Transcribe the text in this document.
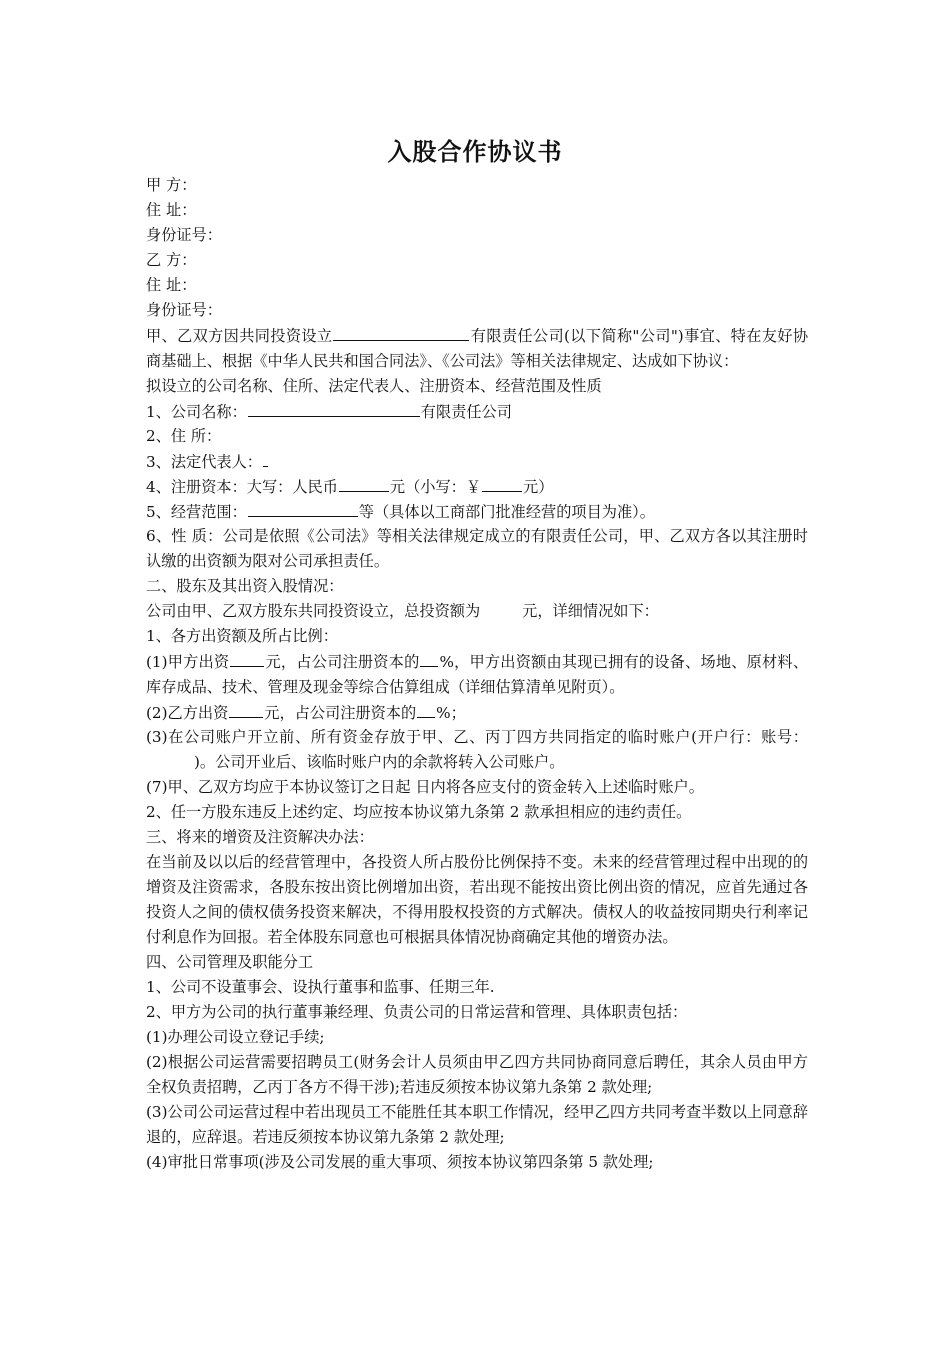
入股合作协议书
甲 方：
住 址：
身份证号：
乙 方：
住 址：
身份证号：
甲、乙双方因共同投资设立	有限责任公司(以下简称"公司")事宜、特在友好协商基础上、根据《中华人民共和国合同法》、《公司法》等相关法律规定、达成如下协议：
拟设立的公司名称、住所、法定代表人、注册资本、经营范围及性质
1、公司名称：	有限责任公司
2、住 所：
3、法定代表人：
4、注册资本：大写：人民币	元（小写：￥	元）
5、经营范围：	等（具体以工商部门批准经营的项目为准）。
6、性 质：公司是依照《公司法》等相关法律规定成立的有限责任公司，甲、乙双方各以其注册时认缴的出资额为限对公司承担责任。
二、股东及其出资入股情况：
公司由甲、乙双方股东共同投资设立，总投资额为	元，详细情况如下：
1、各方出资额及所占比例：
(1)甲方出资 元，占公司注册资本的 %，甲方出资额由其现已拥有的设备、场地、原材料、库存成品、技术、管理及现金等综合估算组成（详细估算清单见附页）。
(2)乙方出资 元，占公司注册资本的 %；
(3)在公司账户开立前、所有资金存放于甲、乙、丙丁四方共同指定的临时账户(开户行：账号：)。公司开业后、该临时账户内的余款将转入公司账户。
(7)甲、乙双方均应于本协议签订之日起 日内将各应支付的资金转入上述临时账户。
2、任一方股东违反上述约定、均应按本协议第九条第 2 款承担相应的违约责任。
三、将来的增资及注资解决办法：
在当前及以以后的经营管理中，各投资人所占股份比例保持不变。未来的经营管理过程中出现的的增资及注资需求，各股东按出资比例增加出资，若出现不能按出资比例出资的情况，应首先通过各投资人之间的债权债务投资来解决，不得用股权投资的方式解决。债权人的收益按同期央行利率记付利息作为回报。若全体股东同意也可根据具体情况协商确定其他的增资办法。
四、公司管理及职能分工
1、公司不设董事会、设执行董事和监事、任期三年.
2、甲方为公司的执行董事兼经理、负责公司的日常运营和管理、具体职责包括：
(1)办理公司设立登记手续;
(2)根据公司运营需要招聘员工(财务会计人员须由甲乙四方共同协商同意后聘任，其余人员由甲方全权负责招聘，乙丙丁各方不得干涉);若违反须按本协议第九条第 2 款处理;
(3)公司公司运营过程中若出现员工不能胜任其本职工作情况，经甲乙四方共同考查半数以上同意辞退的，应辞退。若违反须按本协议第九条第 2 款处理;
(4)审批日常事项(涉及公司发展的重大事项、须按本协议第四条第 5 款处理;
